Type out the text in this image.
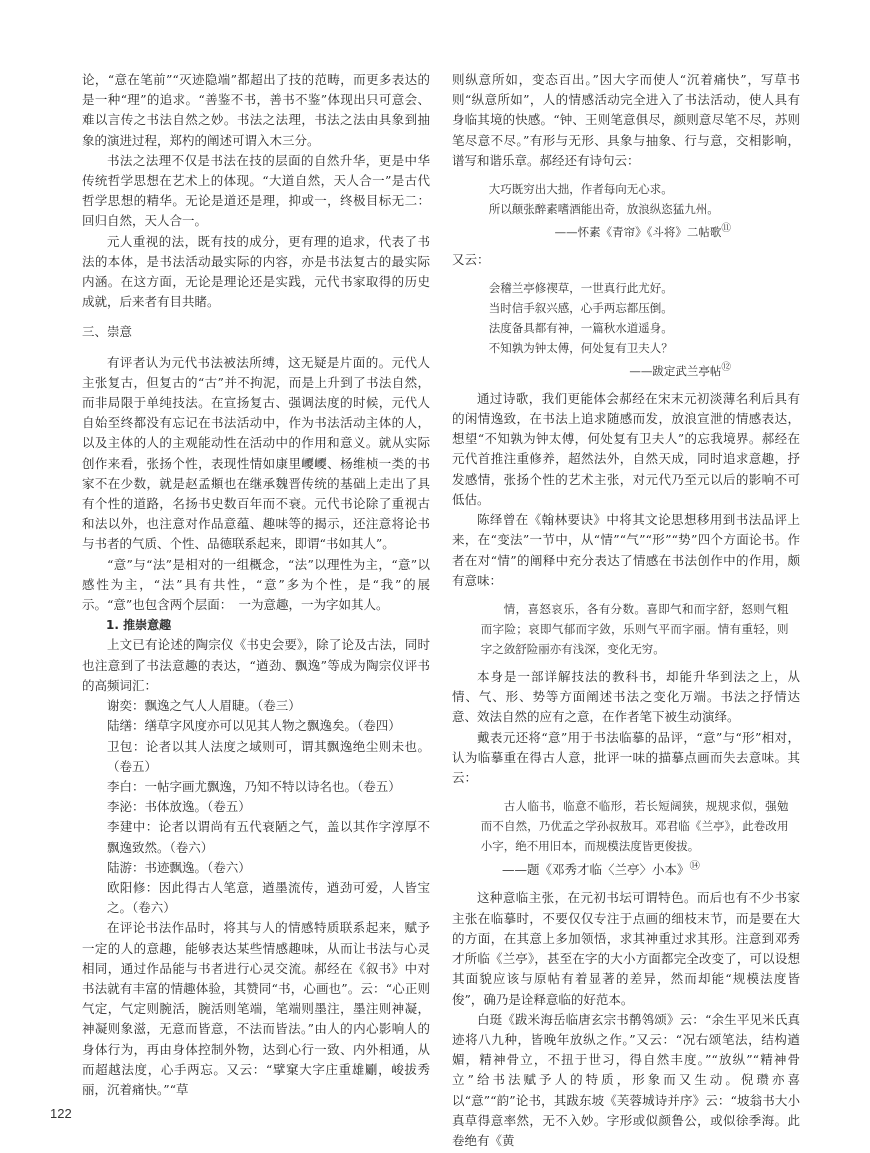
论，“意在笔前”“灭迹隐端”都超出了技的范畴，而更多表达的是一种“理”的追求。“善鉴不书，善书不鉴”体现出只可意会、难以言传之书法自然之妙。书法之法理，书法之法由具象到抽象的演进过程，郑杓的阐述可谓入木三分。

书法之法理不仅是书法在技的层面的自然升华，更是中华传统哲学思想在艺术上的体现。“大道自然，天人合一”是古代哲学思想的精华。无论是道还是理，抑或一，终极目标无二：回归自然，天人合一。

元人重视的法，既有技的成分，更有理的追求，代表了书法的本体，是书法活动最实际的内容，亦是书法复古的最实际内涵。在这方面，无论是理论还是实践，元代书家取得的历史成就，后来者有目共睹。

三、崇意

有评者认为元代书法被法所缚，这无疑是片面的。元代人主张复古，但复古的“古”并不拘泥，而是上升到了书法自然，而非局限于单纯技法。在宣扬复古、强调法度的时候，元代人自始至终都没有忘记在书法活动中，作为书法活动主体的人，以及主体的人的主观能动性在活动中的作用和意义。就从实际创作来看，张扬个性，表现性情如康里巎巎、杨维桢一类的书家不在少数，就是赵孟頫也在继承魏晋传统的基础上走出了具有个性的道路，名扬书史数百年而不衰。元代书论除了重视古和法以外，也注意对作品意蕴、趣味等的揭示，还注意将论书与书者的气质、个性、品德联系起来，即谓“书如其人”。

“意”与“法”是相对的一组概念，“法”以理性为主，“意”以感性为主，“法”具有共性，“意”多为个性，是“我”的展示。“意”也包含两个层面：　一为意趣，一为字如其人。

1. 推崇意趣

上文已有论述的陶宗仪《书史会要》，除了论及古法，同时也注意到了书法意趣的表达，“遒劲、飘逸”等成为陶宗仪评书的高频词汇：

谢奕：飘逸之气人人眉睫。（卷三）

陆缮：缮草字风度亦可以见其人物之飘逸矣。（卷四）

卫包：论者以其人法度之域则可，谓其飘逸绝尘则未也。（卷五）

李白：一帖字画尤飘逸，乃知不特以诗名也。（卷五）

李泌：书体放逸。（卷五）

李建中：论者以谓尚有五代衰陋之气，盖以其作字淳厚不飘逸致然。（卷六）

陆游：书迹飘逸。（卷六）

欧阳修：因此得古人笔意，遒墨流传，遒劲可爱，人皆宝之。（卷六）

在评论书法作品时，将其与人的情感特质联系起来，赋予一定的人的意趣，能够表达某些情感趣味，从而让书法与心灵相同，通过作品能与书者进行心灵交流。郝经在《叙书》中对书法就有丰富的情趣体验，其赞同“书，心画也”。云：“心正则气定，气定则腕活，腕活则笔端，笔端则墨注，墨注则神凝，神凝则象滋，无意而皆意，不法而皆法。”由人的内心影响人的身体行为，再由身体控制外物，达到心行一致、内外相通，从而超越法度，心手两忘。又云：“擘窠大字庄重雄劚，峻拔秀丽，沉着痛快。”“草

则纵意所如，变态百出。”因大字而使人“沉着痛快”，写草书则“纵意所如”，人的情感活动完全进入了书法活动，使人具有身临其境的快感。“钟、王则笔意俱尽，颜则意尽笔不尽，苏则笔尽意不尽。”有形与无形、具象与抽象、行与意，交相影响，谱写和谐乐章。郝经还有诗句云：

大巧既穷出大拙，作者每向无心求。

所以颠张醉素嗜酒能出奇，放浪纵恣猛九州。

——怀素《青帘》《斗将》二帖歌⑪

又云：

会稽兰亭修禊草，一世真行此尤好。

当时信手叙兴感，心手两忘都压倒。

法度备具都有神，一篇秋水道遥身。

不知孰为钟太傅，何处复有卫夫人？

——跋定武兰亭帖⑫

通过诗歌，我们更能体会郝经在宋末元初淡薄名利后具有的闲情逸致，在书法上追求随感而发，放浪宣泄的情感表达，想望“不知孰为钟太傅，何处复有卫夫人”的忘我境界。郝经在元代首推注重修养，超然法外，自然天成，同时追求意趣，抒发感情，张扬个性的艺术主张，对元代乃至元以后的影响不可低估。

陈绎曾在《翰林要诀》中将其文论思想移用到书法品评上来，在“变法”一节中，从“情”“气”“形”“势”四个方面论书。作者在对“情”的阐释中充分表达了情感在书法创作中的作用，颇有意味：

情，喜怒哀乐，各有分数。喜即气和而字舒，怒则气粗而字险；哀即气郁而字敛，乐则气平而字丽。情有重轻，则字之敛舒险丽亦有浅深，变化无穷。

本身是一部详解技法的教科书，却能升华到法之上，从情、气、形、势等方面阐述书法之变化万端。书法之抒情达意、效法自然的应有之意，在作者笔下被生动演绎。

戴表元还将“意”用于书法临摹的品评，“意”与“形”相对，认为临摹重在得古人意，批评一味的描摹点画而失去意味。其云：

古人临书，临意不临形，若长短阔狭，规规求似，强勉而不自然，乃优孟之学孙叔敖耳。邓君临《兰亭》，此卷改用小字，绝不用旧本，而规模法度皆更俊拔。

——题《邓秀才临〈兰亭〉小本》⑭

这种意临主张，在元初书坛可谓特色。而后也有不少书家主张在临摹时，不要仅仅专注于点画的细枝末节，而是要在大的方面，在其意上多加领悟，求其神重过求其形。注意到邓秀才所临《兰亭》，甚至在字的大小方面都完全改变了，可以设想其面貌应该与原帖有着显著的差异，然而却能“规模法度皆俊”，确乃是诠释意临的好范本。

白珽《跋米海岳临唐玄宗书鹡鸰颂》云：“余生平见米氏真迹将八九种，皆晚年放纵之作。”又云：“况右颂笔法，结构遒媚，精神骨立，不扭于世习，得自然丰度。”“放纵”“精神骨立”给书法赋予人的特质，形象而又生动。倪瓒亦喜以“意”“韵”论书，其跋东坡《芙蓉城诗并序》云：“坡翁书大小真草得意率然，无不入妙。字形或似颜鲁公，或似徐季海。此卷绝有《黄

122
